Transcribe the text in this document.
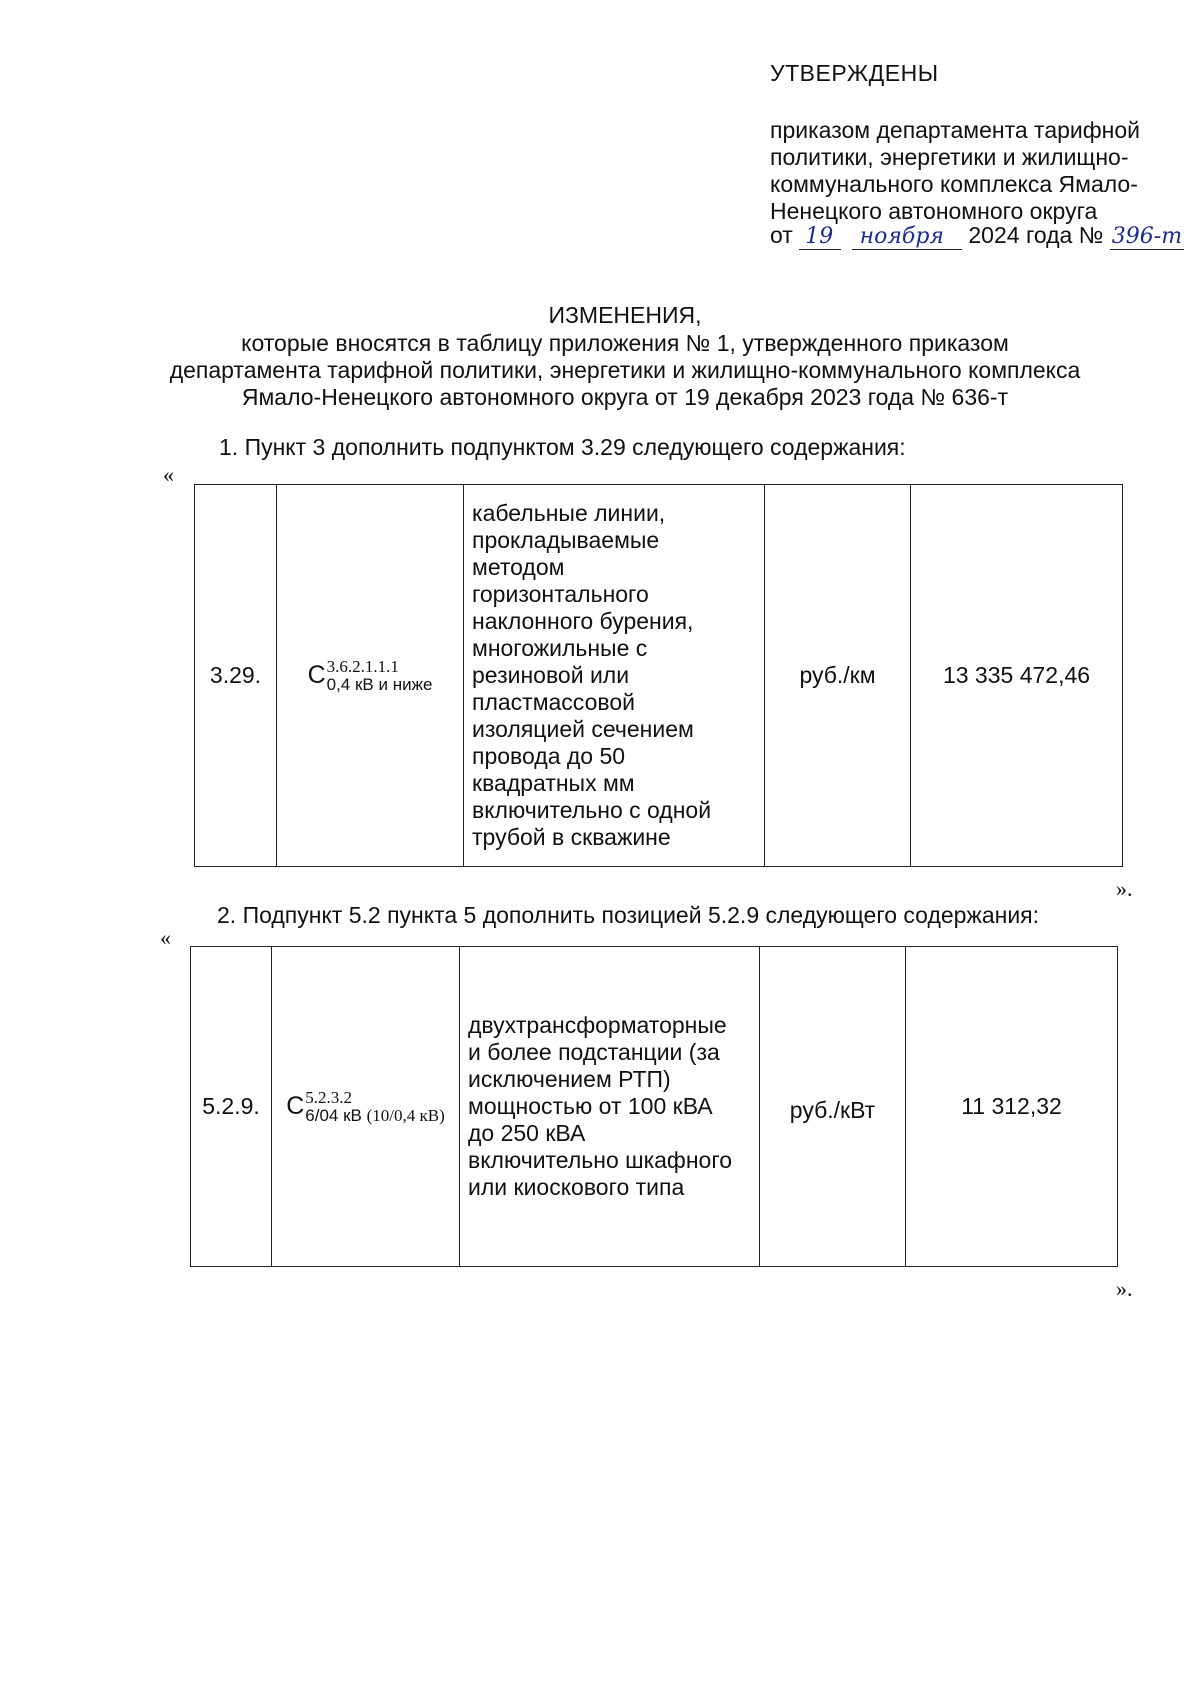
УТВЕРЖДЕНЫ
приказом департамента тарифной
политики, энергетики и жилищно-
коммунального комплекса Ямало-
Ненецкого автономного округа
от 19 ноября 2024 года № 396-т
ИЗМЕНЕНИЯ,
которые вносятся в таблицу приложения № 1, утвержденного приказом
департамента тарифной политики, энергетики и жилищно-коммунального комплекса
Ямало-Ненецкого автономного округа от 19 декабря 2023 года № 636-т
1. Пункт 3 дополнить подпунктом 3.29 следующего содержания:
«
3.29. С 3.6.2.1.1.1
0,4 кВ и ниже
кабельные линии,
прокладываемые
методом
горизонтального
наклонного бурения,
многожильные с
резиновой или
пластмассовой
изоляцией сечением
провода до 50
квадратных мм
включительно с одной
трубой в скважине
руб./км	13 335 472,46
».
2. Подпункт 5.2 пункта 5 дополнить позицией 5.2.9 следующего содержания:
«
5.2.9. С 5.2.3.2
6/04 кВ (10/0,4 кВ)
двухтрансформаторные
и более подстанции (за
исключением РТП)
мощностью от 100 кВА
до 250 кВА
включительно шкафного
или киоскового типа
руб./кВт	11 312,32
».
